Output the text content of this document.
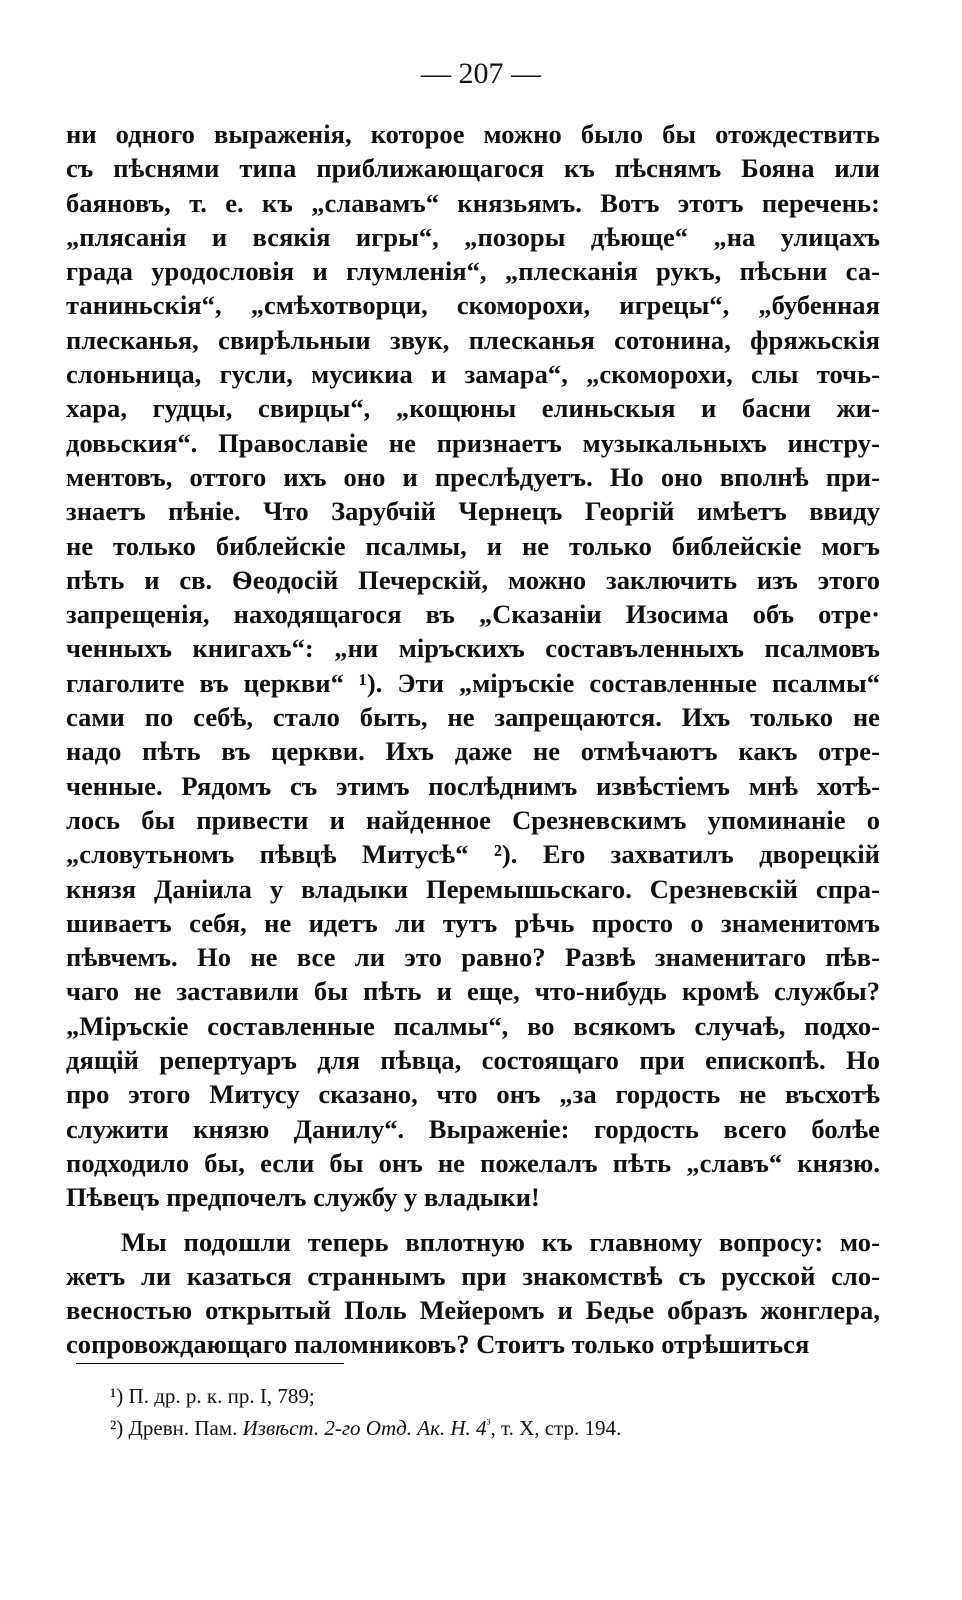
— 207 —
ни одного выраженія, которое можно было бы отождествить
съ пѣснями типа приближающагося къ пѣснямъ Бояна или
баяновъ, т. е. къ „славамъ“ князьямъ. Вотъ этотъ перечень:
„плясанія и всякія игры“, „позоры дѣюще“ „на улицахъ
града уродословія и глумленія“, „плесканія рукъ, пѣсьни са-
таниньскія“, „смѣхотворци, скоморохи, игрецы“, „бубенная
плесканья, свирѣльныи звук, плесканья сотонина, фряжьскія
слоньница, гусли, мусикиа и замара“, „скоморохи, слы точь-
хара, гудцы, свирцы“, „кощюны елиньскыя и басни жи-
довьския“. Православіе не признаетъ музыкальныхъ инстру-
ментовъ, оттого ихъ оно и преслѣдуетъ. Но оно вполнѣ при-
знаетъ пѣніе. Что Зарубчій Чернецъ Георгій имѣетъ ввиду
не только библейскіе псалмы, и не только библейскіе могъ
пѣть и св. Ѳеодосій Печерскій, можно заключить изъ этого
запрещенія, находящагося въ „Сказаніи Изосима объ отре·
ченныхъ книгахъ“: „ни міръскихъ составъленныхъ псалмовъ
глаголите въ церкви“ ¹). Эти „міръскіе составленные псалмы“
сами по себѣ, стало быть, не запрещаются. Ихъ только не
надо пѣть въ церкви. Ихъ даже не отмѣчаютъ какъ отре-
ченные. Рядомъ съ этимъ послѣднимъ извѣстіемъ мнѣ хотѣ-
лось бы привести и найденное Срезневскимъ упоминаніе о
„словутьномъ пѣвцѣ Митусѣ“ ²). Его захватилъ дворецкій
князя Даніила у владыки Перемышьскаго. Срезневскій спра-
шиваетъ себя, не идетъ ли тутъ рѣчь просто о знаменитомъ
пѣвчемъ. Но не все ли это равно? Развѣ знаменитаго пѣв-
чаго не заставили бы пѣть и еще, что-нибудь кромѣ службы?
„Міръскіе составленные псалмы“, во всякомъ случаѣ, подхо-
дящій репертуаръ для пѣвца, состоящаго при епископѣ. Но
про этого Митусу сказано, что онъ „за гордость не въсхотѣ
служити князю Данилу“. Выраженіе: гордость всего болѣе
подходило бы, если бы онъ не пожелалъ пѣть „славъ“ князю.
Пѣвецъ предпочелъ службу у владыки!
Мы подошли теперь вплотную къ главному вопросу: мо-
жетъ ли казаться страннымъ при знакомствѣ съ русской сло-
весностью открытый Поль Мейеромъ и Бедье образъ жонглера,
сопровождающаго паломниковъ? Стоитъ только отрѣшиться
¹) П. др. р. к. пр. I, 789;
²) Древн. Пам. Извѣст. 2-го Отд. Ак. Н. $4^{^3}$, т. X, стр. 194.
